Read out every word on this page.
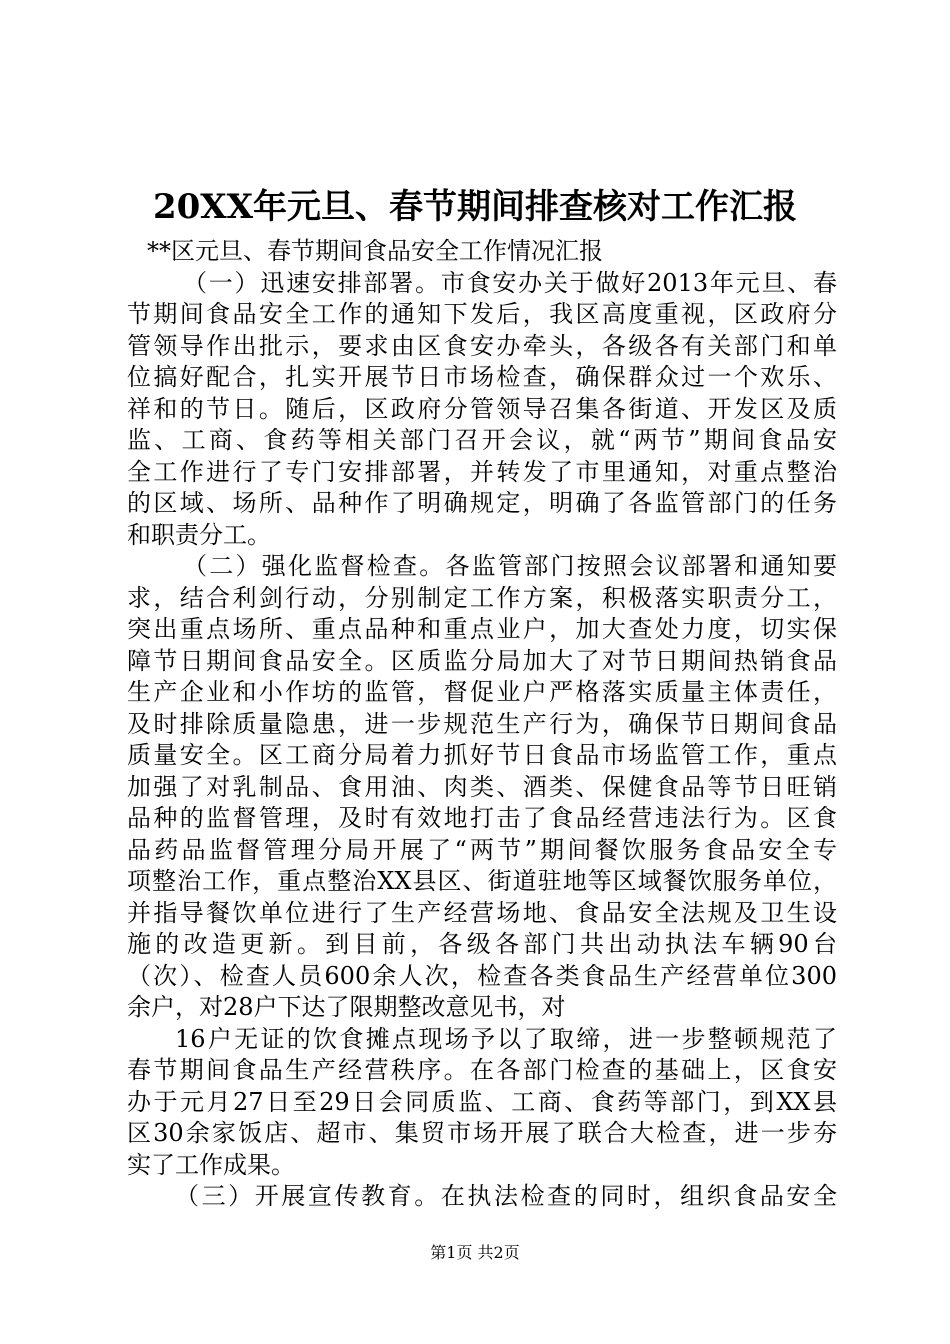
20XX年元旦、春节期间排查核对工作汇报
**区元旦、春节期间食品安全工作情况汇报
（一）迅速安排部署。市食安办关于做好2013年元旦、春
节期间食品安全工作的通知下发后，我区高度重视，区政府分
管领导作出批示，要求由区食安办牵头，各级各有关部门和单
位搞好配合，扎实开展节日市场检查，确保群众过一个欢乐、
祥和的节日。随后，区政府分管领导召集各街道、开发区及质
监、工商、食药等相关部门召开会议，就“两节”期间食品安
全工作进行了专门安排部署，并转发了市里通知，对重点整治
的区域、场所、品种作了明确规定，明确了各监管部门的任务
和职责分工。
（二）强化监督检查。各监管部门按照会议部署和通知要
求，结合利剑行动，分别制定工作方案，积极落实职责分工，
突出重点场所、重点品种和重点业户，加大查处力度，切实保
障节日期间食品安全。区质监分局加大了对节日期间热销食品
生产企业和小作坊的监管，督促业户严格落实质量主体责任，
及时排除质量隐患，进一步规范生产行为，确保节日期间食品
质量安全。区工商分局着力抓好节日食品市场监管工作，重点
加强了对乳制品、食用油、肉类、酒类、保健食品等节日旺销
品种的监督管理，及时有效地打击了食品经营违法行为。区食
品药品监督管理分局开展了“两节”期间餐饮服务食品安全专
项整治工作，重点整治XX县区、街道驻地等区域餐饮服务单位，
并指导餐饮单位进行了生产经营场地、食品安全法规及卫生设
施的改造更新。到目前，各级各部门共出动执法车辆90台
（次）、检查人员600余人次，检查各类食品生产经营单位300
余户，对28户下达了限期整改意见书，对
16户无证的饮食摊点现场予以了取缔，进一步整顿规范了
春节期间食品生产经营秩序。在各部门检查的基础上，区食安
办于元月27日至29日会同质监、工商、食药等部门，到XX县
区30余家饭店、超市、集贸市场开展了联合大检查，进一步夯
实了工作成果。
（三）开展宣传教育。在执法检查的同时，组织食品安全
第1页 共2页
